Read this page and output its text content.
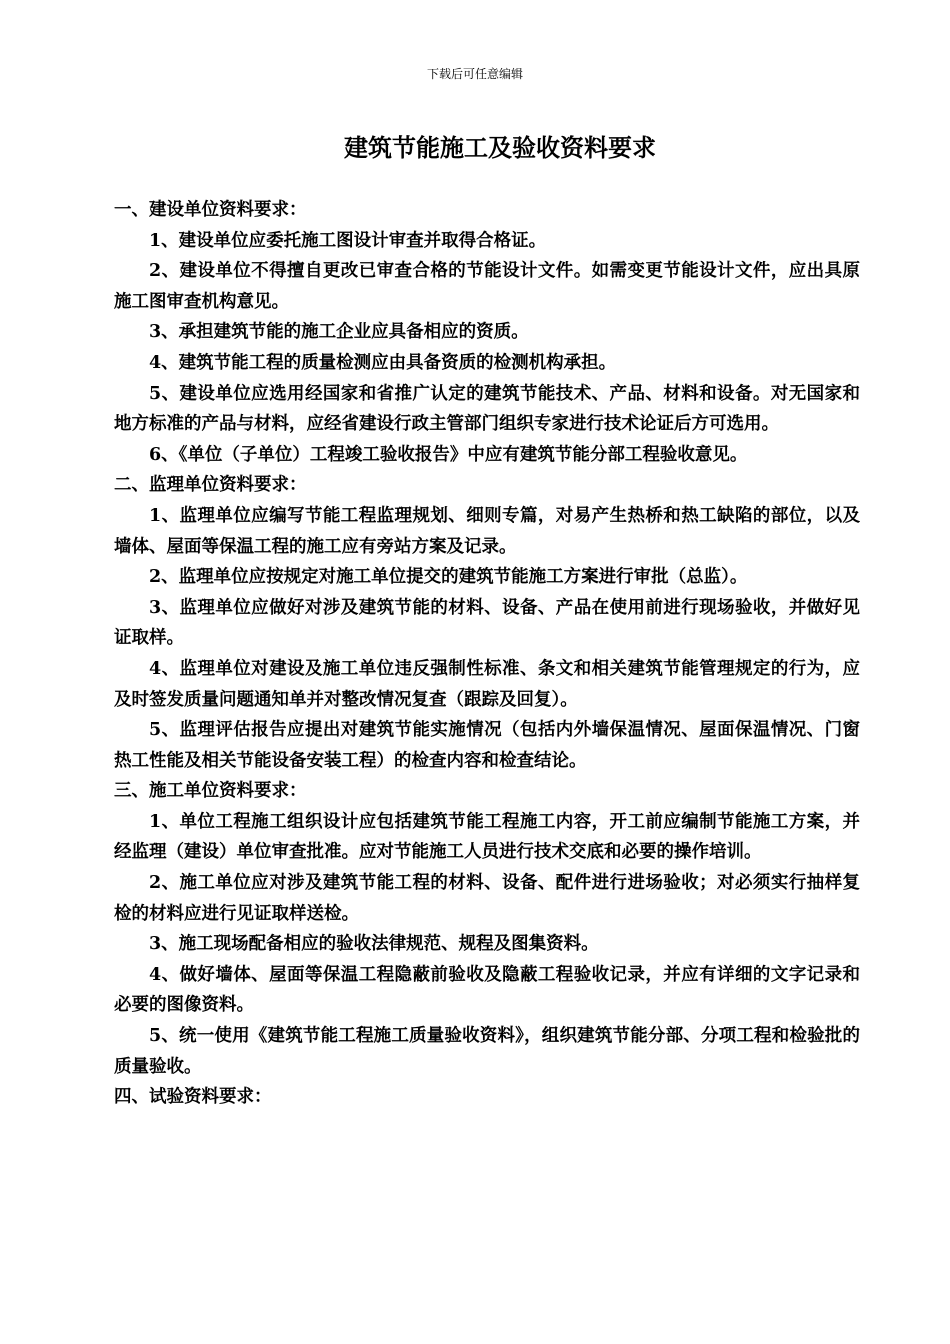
下载后可任意编辑
建筑节能施工及验收资料要求

一、建设单位资料要求：

1、建设单位应委托施工图设计审查并取得合格证。

2、建设单位不得擅自更改已审查合格的节能设计文件。如需变更节能设计文件，应出具原施工图审查机构意见。

3、承担建筑节能的施工企业应具备相应的资质。

4、建筑节能工程的质量检测应由具备资质的检测机构承担。

5、建设单位应选用经国家和省推广认定的建筑节能技术、产品、材料和设备。对无国家和地方标准的产品与材料，应经省建设行政主管部门组织专家进行技术论证后方可选用。

6、《单位（子单位）工程竣工验收报告》中应有建筑节能分部工程验收意见。

二、监理单位资料要求：

1、监理单位应编写节能工程监理规划、细则专篇，对易产生热桥和热工缺陷的部位，以及墙体、屋面等保温工程的施工应有旁站方案及记录。

2、监理单位应按规定对施工单位提交的建筑节能施工方案进行审批（总监）。

3、监理单位应做好对涉及建筑节能的材料、设备、产品在使用前进行现场验收，并做好见证取样。

4、监理单位对建设及施工单位违反强制性标准、条文和相关建筑节能管理规定的行为，应及时签发质量问题通知单并对整改情况复查（跟踪及回复）。

5、监理评估报告应提出对建筑节能实施情况（包括内外墙保温情况、屋面保温情况、门窗热工性能及相关节能设备安装工程）的检查内容和检查结论。

三、施工单位资料要求：

1、单位工程施工组织设计应包括建筑节能工程施工内容，开工前应编制节能施工方案，并经监理（建设）单位审查批准。应对节能施工人员进行技术交底和必要的操作培训。

2、施工单位应对涉及建筑节能工程的材料、设备、配件进行进场验收；对必须实行抽样复检的材料应进行见证取样送检。

3、施工现场配备相应的验收法律规范、规程及图集资料。

4、做好墙体、屋面等保温工程隐蔽前验收及隐蔽工程验收记录，并应有详细的文字记录和必要的图像资料。

5、统一使用《建筑节能工程施工质量验收资料》，组织建筑节能分部、分项工程和检验批的质量验收。

四、试验资料要求：
